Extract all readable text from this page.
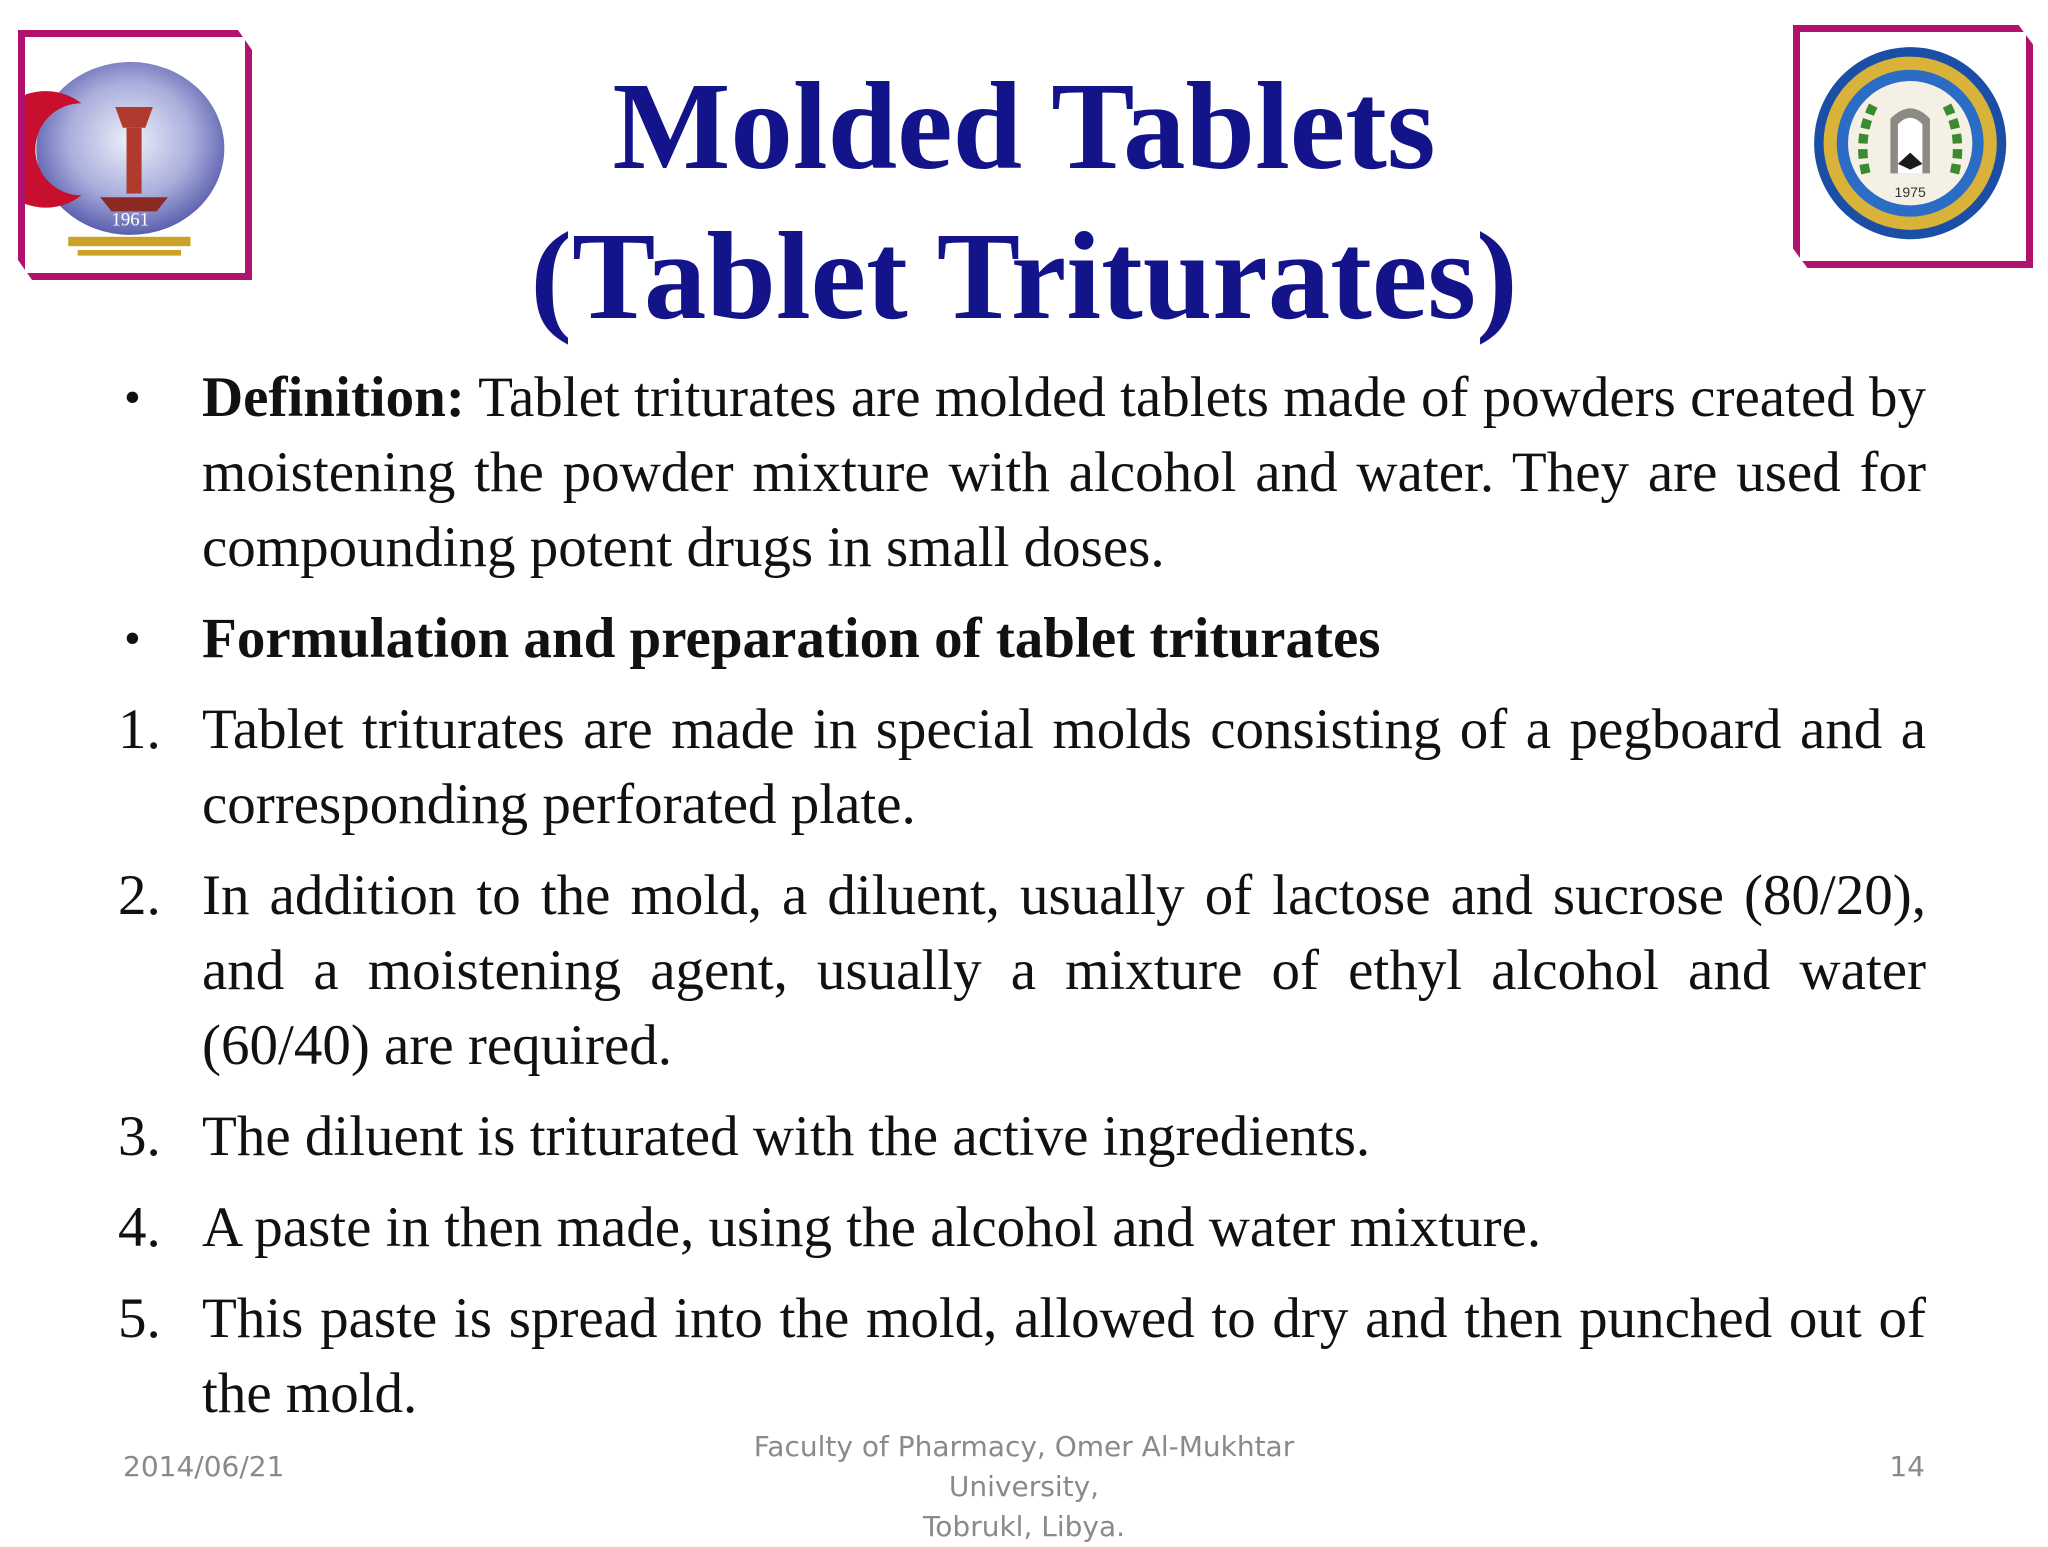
1961
1975
Molded Tablets
(Tablet Triturates)
• Definition: Tablet triturates are molded tablets made of powders created by moistening the powder mixture with alcohol and water. They are used for compounding potent drugs in small doses.
• Formulation and preparation of tablet triturates
1. Tablet triturates are made in special molds consisting of a pegboard and a corresponding perforated plate.
2. In addition to the mold, a diluent, usually of lactose and sucrose (80/20), and a moistening agent, usually a mixture of ethyl alcohol and water (60/40) are required.
3. The diluent is triturated with the active ingredients.
4. A paste in then made, using the alcohol and water mixture.
5. This paste is spread into the mold, allowed to dry and then punched out of  the mold.
2014/06/21
Faculty of Pharmacy, Omer Al-Mukhtar University,
Tobrukl, Libya.
14
